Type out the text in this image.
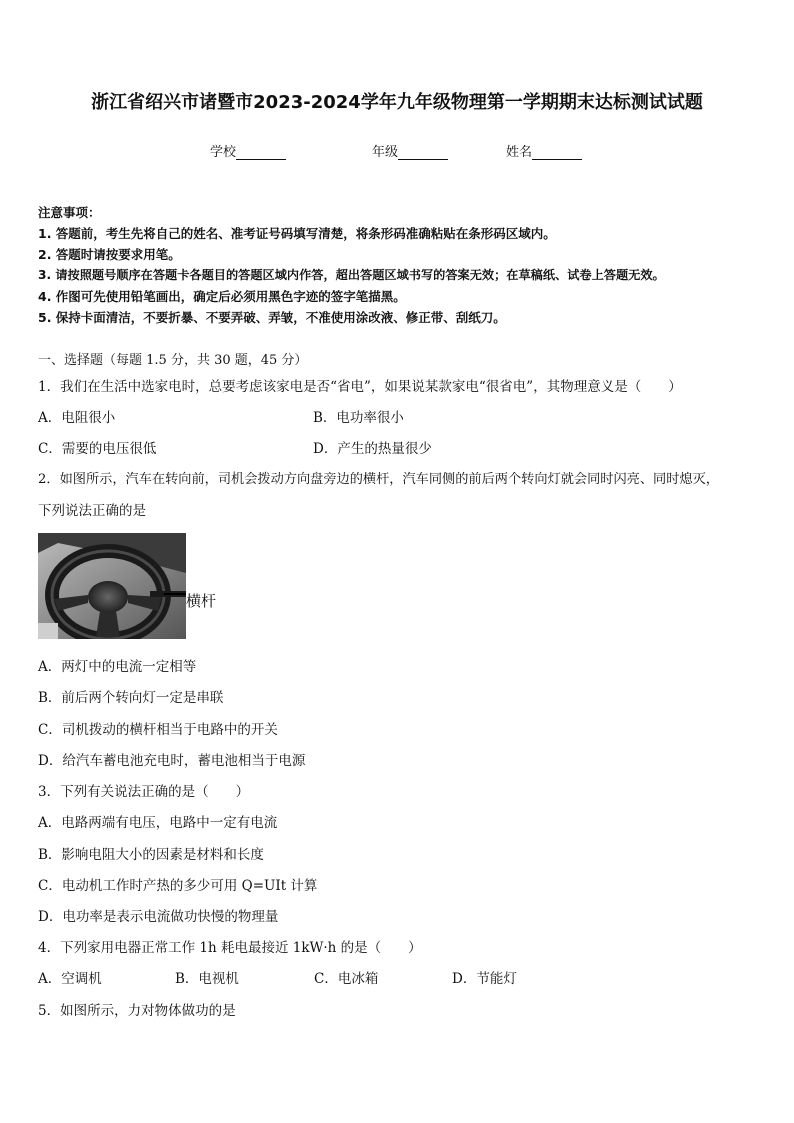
浙江省绍兴市诸暨市2023-2024学年九年级物理第一学期期末达标测试试题
学校	年级	姓名
注意事项：
1. 答题前，考生先将自己的姓名、准考证号码填写清楚，将条形码准确粘贴在条形码区域内。
2. 答题时请按要求用笔。
3. 请按照题号顺序在答题卡各题目的答题区域内作答，超出答题区域书写的答案无效；在草稿纸、试卷上答题无效。
4. 作图可先使用铅笔画出，确定后必须用黑色字迹的签字笔描黑。
5. 保持卡面清洁，不要折暴、不要弄破、弄皱，不准使用涂改液、修正带、刮纸刀。
一、选择题（每题 1.5 分，共 30 题，45 分）
1．我们在生活中选家电时，总要考虑该家电是否“省电”，如果说某款家电“很省电”，其物理意义是（　　）
A．电阻很小	B．电功率很小
C．需要的电压很低	D．产生的热量很少
2．如图所示，汽车在转向前，司机会拨动方向盘旁边的横杆，汽车同侧的前后两个转向灯就会同时闪亮、同时熄灭，
下列说法正确的是
横杆
A．两灯中的电流一定相等
B．前后两个转向灯一定是串联
C．司机拨动的横杆相当于电路中的开关
D．给汽车蓄电池充电时，蓄电池相当于电源
3．下列有关说法正确的是（　　）
A．电路两端有电压，电路中一定有电流
B．影响电阻大小的因素是材料和长度
C．电动机工作时产热的多少可用 Q=UIt 计算
D．电功率是表示电流做功快慢的物理量
4．下列家用电器正常工作 1h 耗电最接近 1kW·h 的是（　　）
A．空调机	B．电视机	C．电冰箱	D．节能灯
5．如图所示，力对物体做功的是
